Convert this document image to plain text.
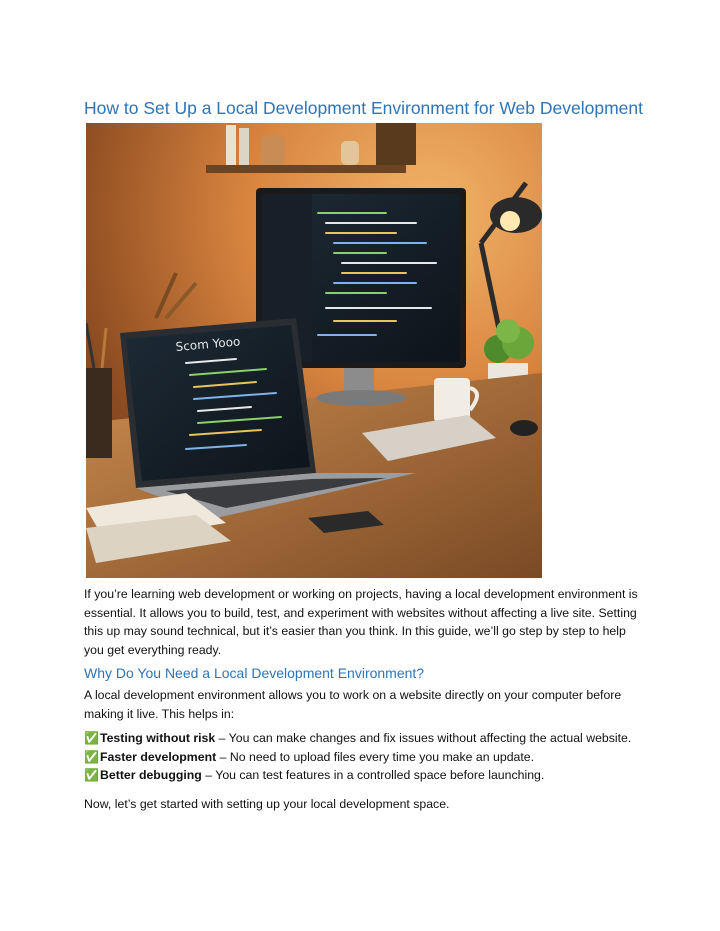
How to Set Up a Local Development Environment for Web Development
Scom Yooo

If you’re learning web development or working on projects, having a local development environment is essential. It allows you to build, test, and experiment with websites without affecting a live site. Setting this up may sound technical, but it’s easier than you think. In this guide, we’ll go step by step to help you get everything ready.

Why Do You Need a Local Development Environment?

A local development environment allows you to work on a website directly on your computer before making it live. This helps in:

✅Testing without risk – You can make changes and fix issues without affecting the actual website.
✅Faster development – No need to upload files every time you make an update.
✅Better debugging – You can test features in a controlled space before launching.

Now, let’s get started with setting up your local development space.
